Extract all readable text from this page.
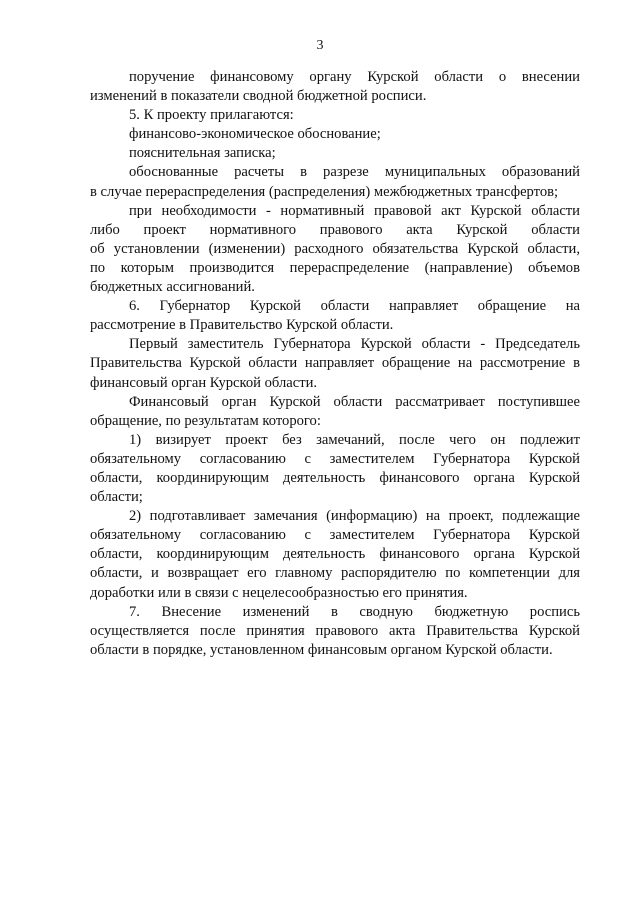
3
поручение финансовому органу Курской области о внесении
изменений в показатели сводной бюджетной росписи.
5. К проекту прилагаются:
финансово-экономическое обоснование;
пояснительная записка;
обоснованные расчеты в разрезе муниципальных образований
в случае перераспределения (распределения) межбюджетных трансфертов;
при необходимости - нормативный правовой акт Курской области
либо проект нормативного правового акта Курской области
об установлении (изменении) расходного обязательства Курской области,
по которым производится перераспределение (направление) объемов
бюджетных ассигнований.
6. Губернатор Курской области направляет обращение на
рассмотрение в Правительство Курской области.
Первый заместитель Губернатора Курской области - Председатель
Правительства Курской области направляет обращение на рассмотрение в
финансовый орган Курской области.
Финансовый орган Курской области рассматривает поступившее
обращение, по результатам которого:
1) визирует проект без замечаний, после чего он подлежит
обязательному согласованию с заместителем Губернатора Курской
области, координирующим деятельность финансового органа Курской
области;
2) подготавливает замечания (информацию) на проект, подлежащие
обязательному согласованию с заместителем Губернатора Курской
области, координирующим деятельность финансового органа Курской
области, и возвращает его главному распорядителю по компетенции для
доработки или в связи с нецелесообразностью его принятия.
7. Внесение изменений в сводную бюджетную роспись
осуществляется после принятия правового акта Правительства Курской
области в порядке, установленном финансовым органом Курской области.
